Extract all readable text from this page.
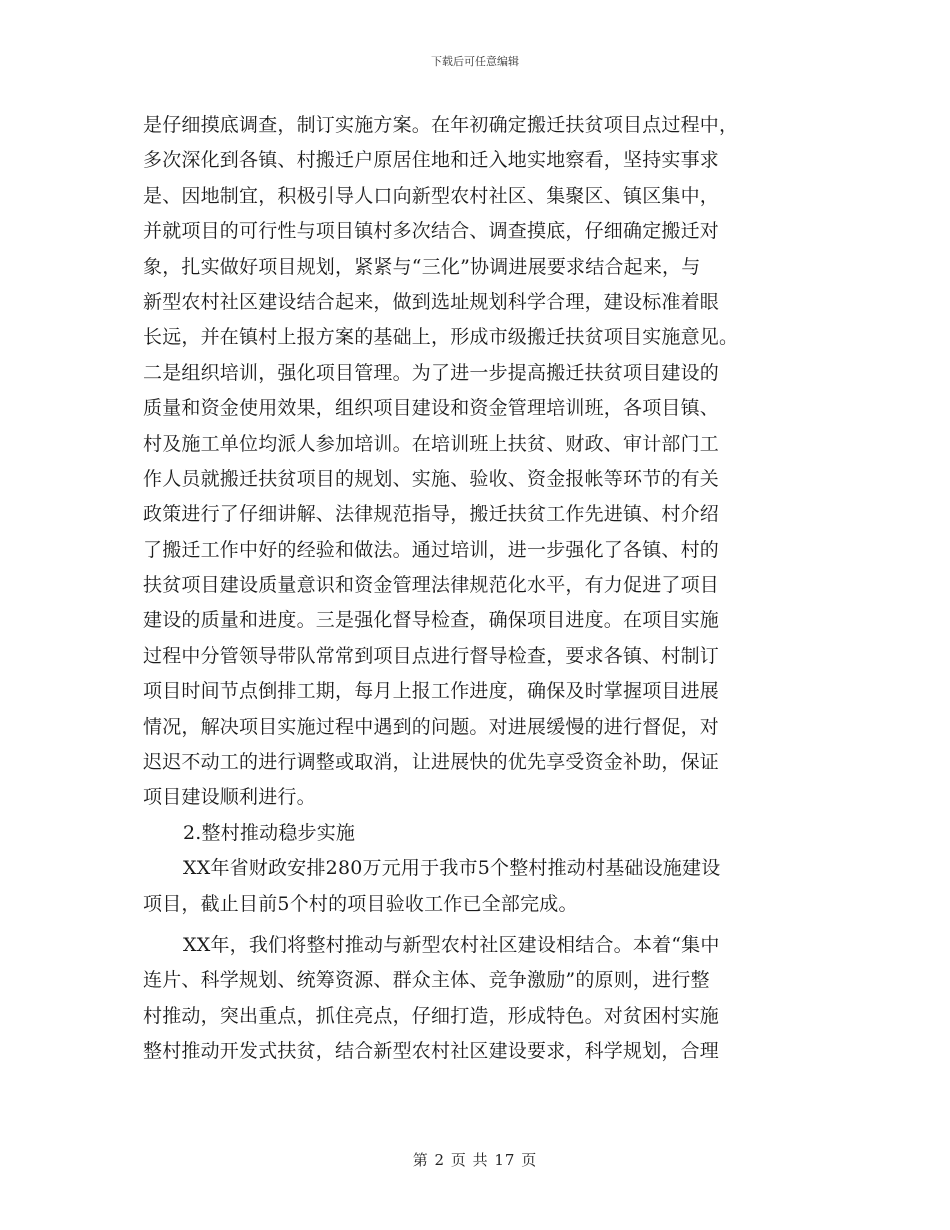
下载后可任意编辑
是仔细摸底调查，制订实施方案。在年初确定搬迁扶贫项目点过程中，
多次深化到各镇、村搬迁户原居住地和迁入地实地察看，坚持实事求
是、因地制宜，积极引导人口向新型农村社区、集聚区、镇区集中，
并就项目的可行性与项目镇村多次结合、调查摸底，仔细确定搬迁对
象，扎实做好项目规划，紧紧与“三化”协调进展要求结合起来，与
新型农村社区建设结合起来，做到选址规划科学合理，建设标准着眼
长远，并在镇村上报方案的基础上，形成市级搬迁扶贫项目实施意见。
二是组织培训，强化项目管理。为了进一步提高搬迁扶贫项目建设的
质量和资金使用效果，组织项目建设和资金管理培训班，各项目镇、
村及施工单位均派人参加培训。在培训班上扶贫、财政、审计部门工
作人员就搬迁扶贫项目的规划、实施、验收、资金报帐等环节的有关
政策进行了仔细讲解、法律规范指导，搬迁扶贫工作先进镇、村介绍
了搬迁工作中好的经验和做法。通过培训，进一步强化了各镇、村的
扶贫项目建设质量意识和资金管理法律规范化水平，有力促进了项目
建设的质量和进度。三是强化督导检查，确保项目进度。在项目实施
过程中分管领导带队常常到项目点进行督导检查，要求各镇、村制订
项目时间节点倒排工期，每月上报工作进度，确保及时掌握项目进展
情况，解决项目实施过程中遇到的问题。对进展缓慢的进行督促，对
迟迟不动工的进行调整或取消，让进展快的优先享受资金补助，保证
项目建设顺利进行。
2.整村推动稳步实施
XX年省财政安排280万元用于我市5个整村推动村基础设施建设
项目，截止目前5个村的项目验收工作已全部完成。
XX年，我们将整村推动与新型农村社区建设相结合。本着“集中
连片、科学规划、统筹资源、群众主体、竞争激励”的原则，进行整
村推动，突出重点，抓住亮点，仔细打造，形成特色。对贫困村实施
整村推动开发式扶贫，结合新型农村社区建设要求，科学规划，合理
第 2 页 共 17 页
